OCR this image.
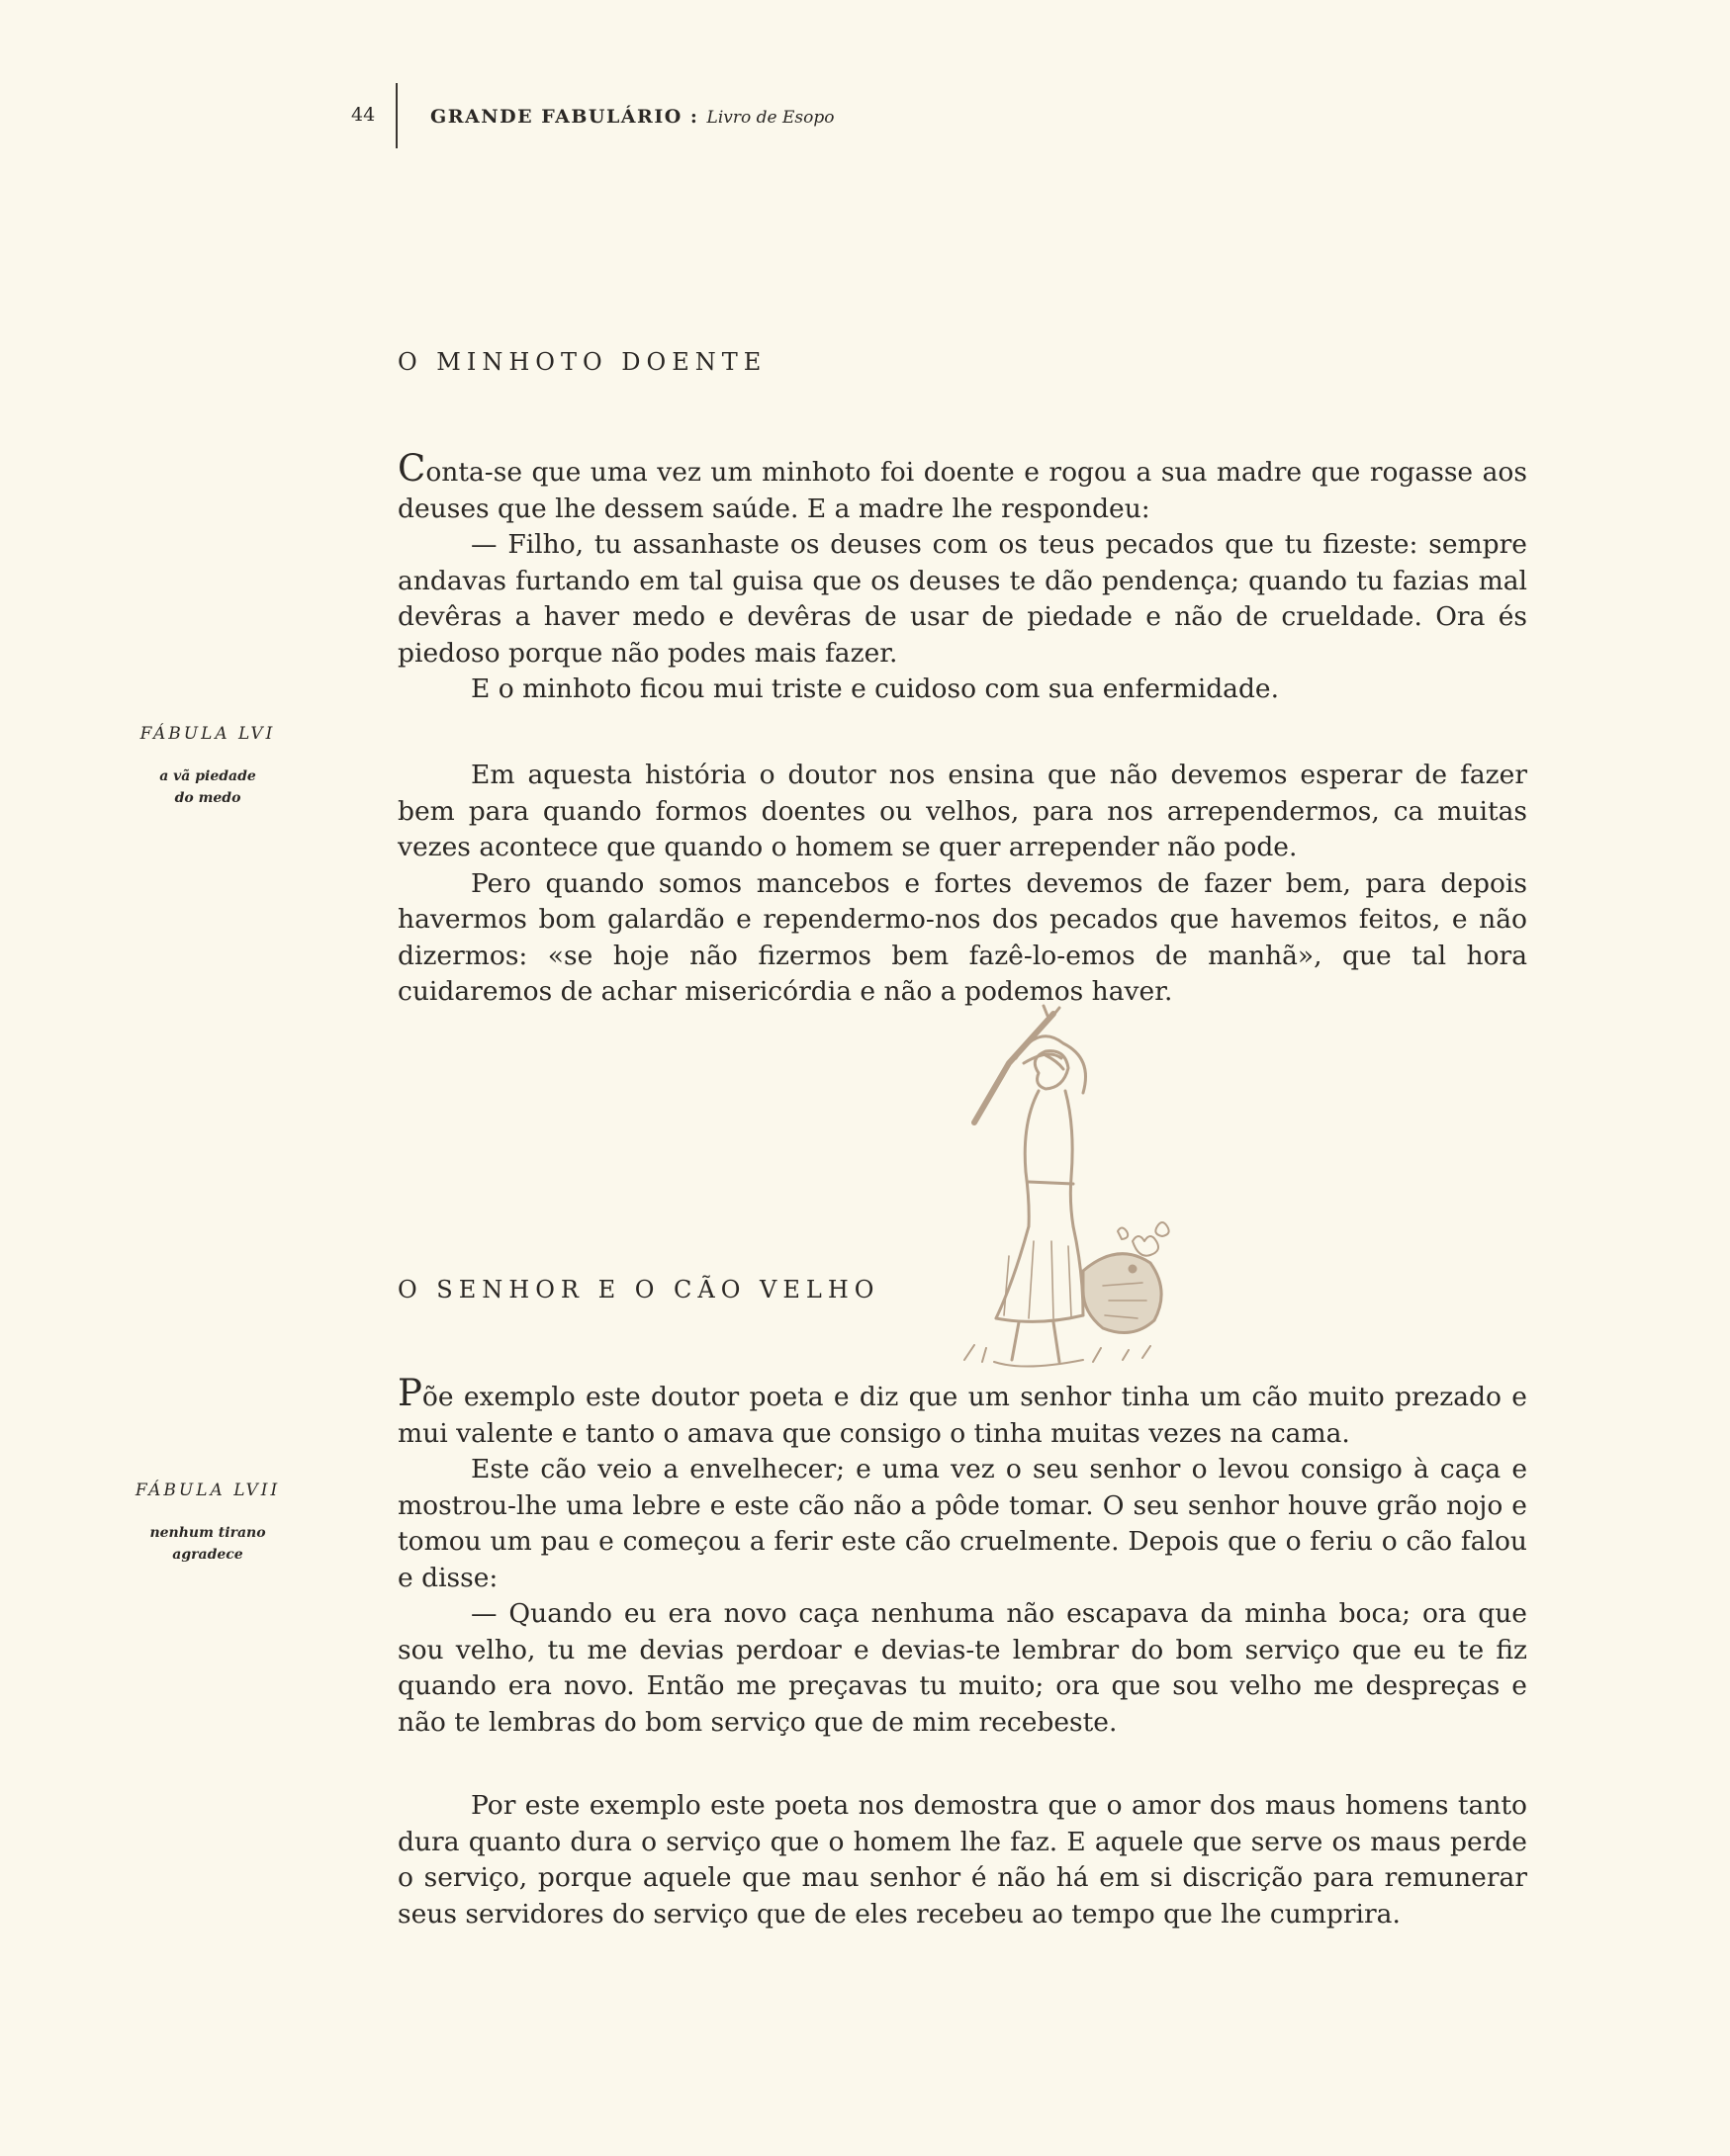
44	GRANDE FABULÁRIO : Livro de Esopo
O MINHOTO DOENTE

Conta-se que uma vez um minhoto foi doente e rogou a sua madre que rogasse aos deuses que lhe dessem saúde. E a madre lhe respondeu:

— Filho, tu assanhaste os deuses com os teus pecados que tu fizeste: sempre andavas furtando em tal guisa que os deuses te dão pendença; quando tu fazias mal devêras a haver medo e devêras de usar de piedade e não de crueldade. Ora és piedoso porque não podes mais fazer.

E o minhoto ficou mui triste e cuidoso com sua enfermidade.

FÁBULA LVI
a vã piedade
do medo

Em aquesta história o doutor nos ensina que não devemos esperar de fazer bem para quando formos doentes ou velhos, para nos arrependermos, ca muitas vezes acontece que quando o homem se quer arrepender não pode.

Pero quando somos mancebos e fortes devemos de fazer bem, para depois havermos bom galardão e rependermo-nos dos pecados que havemos feitos, e não dizermos: «se hoje não fizermos bem fazê-lo-emos de manhã», que tal hora cuidaremos de achar misericórdia e não a podemos haver.

O SENHOR E O CÃO VELHO
FÁBULA LVII
nenhum tirano
agradece

Põe exemplo este doutor poeta e diz que um senhor tinha um cão muito prezado e mui valente e tanto o amava que consigo o tinha muitas vezes na cama.

Este cão veio a envelhecer; e uma vez o seu senhor o levou consigo à caça e mostrou-lhe uma lebre e este cão não a pôde tomar. O seu senhor houve grão nojo e tomou um pau e começou a ferir este cão cruelmente. Depois que o feriu o cão falou e disse:

— Quando eu era novo caça nenhuma não escapava da minha boca; ora que sou velho, tu me devias perdoar e devias-te lembrar do bom serviço que eu te fiz quando era novo. Então me preçavas tu muito; ora que sou velho me despreças e não te lembras do bom serviço que de mim recebeste.

Por este exemplo este poeta nos demostra que o amor dos maus homens tanto dura quanto dura o serviço que o homem lhe faz. E aquele que serve os maus perde o serviço, porque aquele que mau senhor é não há em si discrição para remunerar seus servidores do serviço que de eles recebeu ao tempo que lhe cumprira.
